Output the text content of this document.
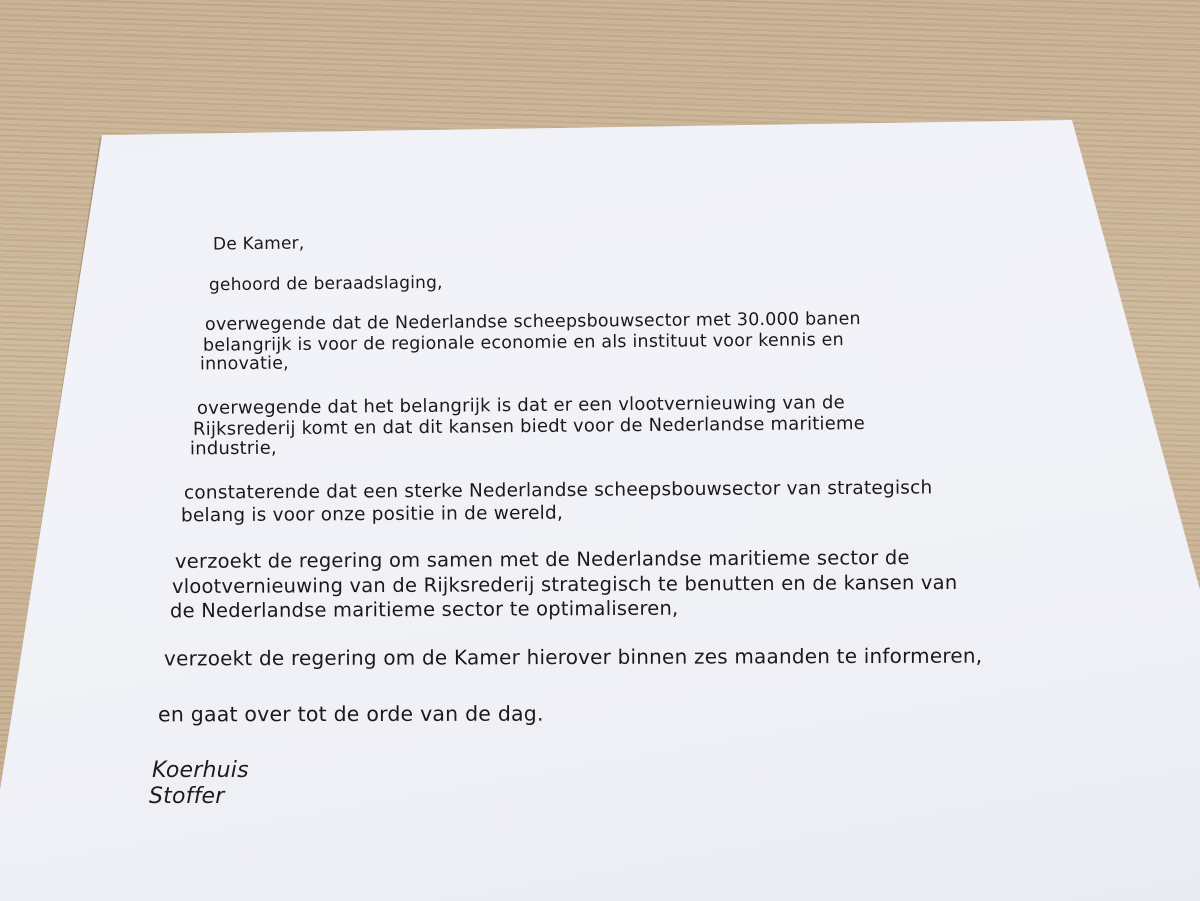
De Kamer,
gehoord de beraadslaging,
overwegende dat de Nederlandse scheepsbouwsector met 30.000 banen
belangrijk is voor de regionale economie en als instituut voor kennis en
innovatie,
overwegende dat het belangrijk is dat er een vlootvernieuwing van de
Rijksrederij komt en dat dit kansen biedt voor de Nederlandse maritieme
industrie,
constaterende dat een sterke Nederlandse scheepsbouwsector van strategisch
belang is voor onze positie in de wereld,
verzoekt de regering om samen met de Nederlandse maritieme sector de
vlootvernieuwing van de Rijksrederij strategisch te benutten en de kansen van
de Nederlandse maritieme sector te optimaliseren,
verzoekt de regering om de Kamer hierover binnen zes maanden te informeren,
en gaat over tot de orde van de dag.
Koerhuis
Stoffer
